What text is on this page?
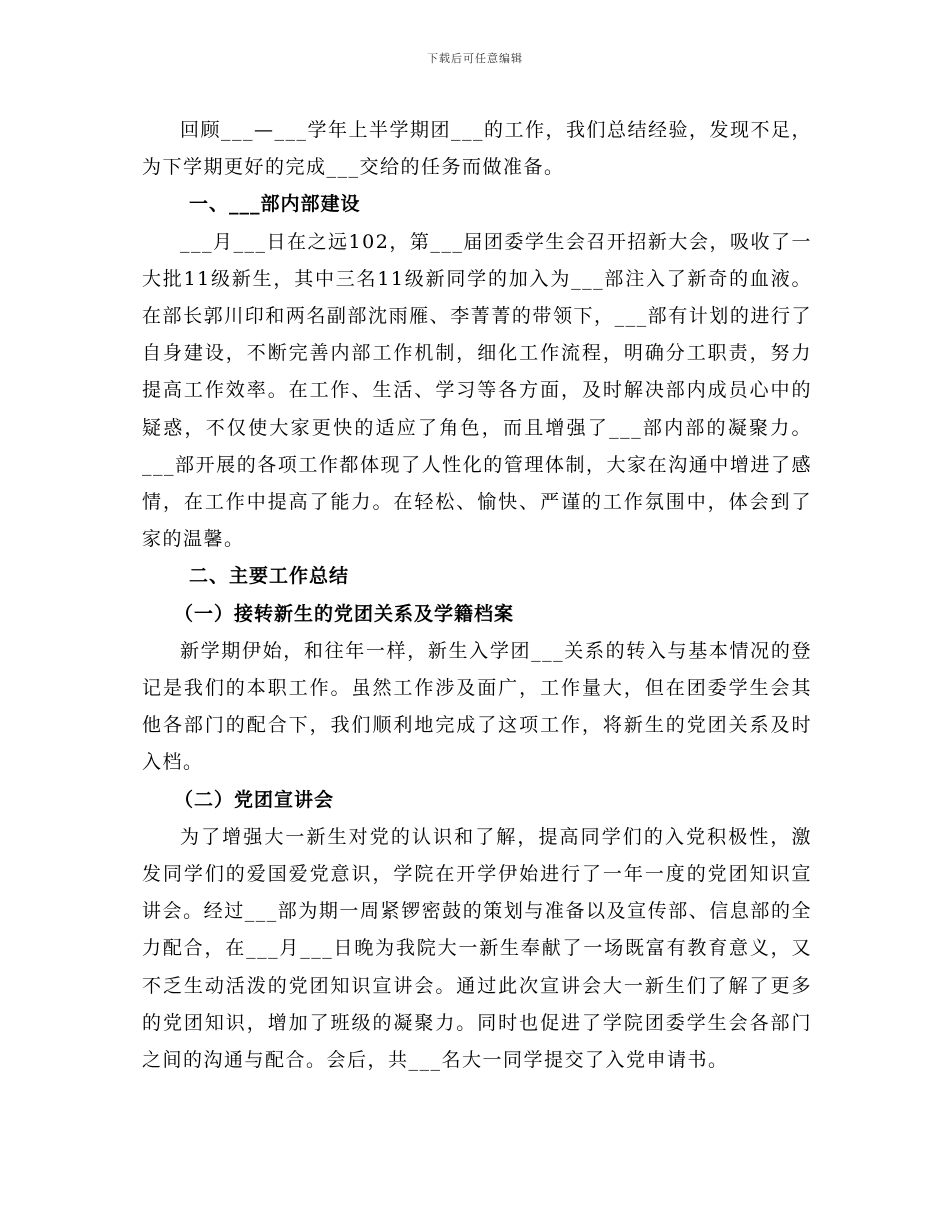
下载后可任意编辑

回顾___—___学年上半学期团___的工作，我们总结经验，发现不足，为下学期更好的完成___交给的任务而做准备。

一、___部内部建设

___月___日在之远102，第___届团委学生会召开招新大会，吸收了一大批11级新生，其中三名11级新同学的加入为___部注入了新奇的血液。在部长郭川印和两名副部沈雨雁、李菁菁的带领下，___部有计划的进行了自身建设，不断完善内部工作机制，细化工作流程，明确分工职责，努力提高工作效率。在工作、生活、学习等各方面，及时解决部内成员心中的疑惑，不仅使大家更快的适应了角色，而且增强了___部内部的凝聚力。___部开展的各项工作都体现了人性化的管理体制，大家在沟通中增进了感情，在工作中提高了能力。在轻松、愉快、严谨的工作氛围中，体会到了家的温馨。

二、主要工作总结

（一）接转新生的党团关系及学籍档案

新学期伊始，和往年一样，新生入学团___关系的转入与基本情况的登记是我们的本职工作。虽然工作涉及面广，工作量大，但在团委学生会其他各部门的配合下，我们顺利地完成了这项工作，将新生的党团关系及时入档。

（二）党团宣讲会

为了增强大一新生对党的认识和了解，提高同学们的入党积极性，激发同学们的爱国爱党意识，学院在开学伊始进行了一年一度的党团知识宣讲会。经过___部为期一周紧锣密鼓的策划与准备以及宣传部、信息部的全力配合，在___月___日晚为我院大一新生奉献了一场既富有教育意义，又不乏生动活泼的党团知识宣讲会。通过此次宣讲会大一新生们了解了更多的党团知识，增加了班级的凝聚力。同时也促进了学院团委学生会各部门之间的沟通与配合。会后，共___名大一同学提交了入党申请书。
